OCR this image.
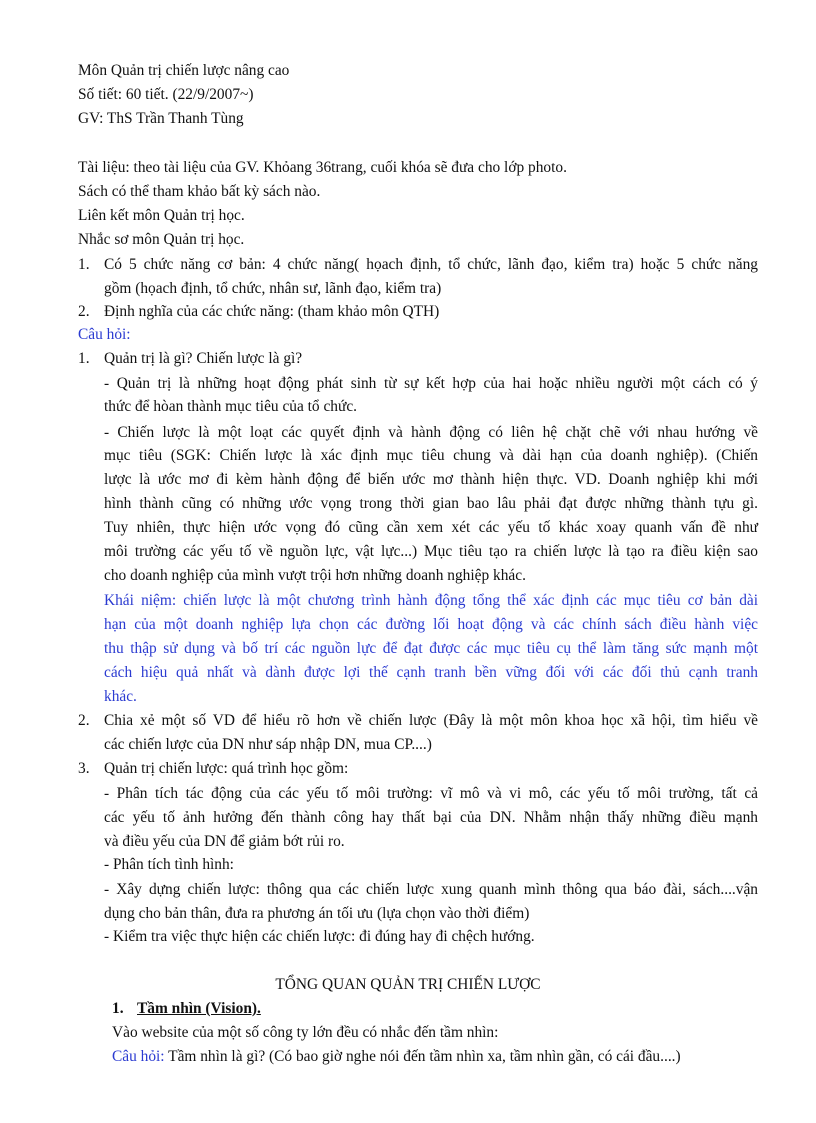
Môn Quản trị chiến lược nâng cao
Số tiết: 60 tiết. (22/9/2007~)
GV: ThS Trần Thanh Tùng
Tài liệu: theo tài liệu của GV. Khỏang 36trang, cuối khóa sẽ đưa cho lớp photo.
Sách có thể tham khảo bất kỳ sách nào.
Liên kết môn Quản trị học.
Nhắc sơ môn Quản trị học.
1. Có 5 chức năng cơ bản: 4 chức năng( họach định, tổ chức, lãnh đạo, kiểm tra) hoặc 5 chức năng
gồm (họach định, tổ chức, nhân sư, lãnh đạo, kiểm tra)
2. Định nghĩa của các chức năng: (tham khảo môn QTH)
Câu hỏi:
1. Quản trị là gì? Chiến lược là gì?
- Quản trị là những hoạt động phát sinh từ sự kết hợp của hai hoặc nhiều người một cách có ý
thức để hòan thành mục tiêu của tổ chức.
- Chiến lược là một loạt các quyết định và hành động có liên hệ chặt chẽ với nhau hướng về
mục tiêu (SGK: Chiến lược là xác định mục tiêu chung và dài hạn của doanh nghiệp). (Chiến
lược là ước mơ đi kèm hành động để biến ước mơ thành hiện thực. VD. Doanh nghiệp khi mới
hình thành cũng có những ước vọng trong thời gian bao lâu phải đạt được những thành tựu gì.
Tuy nhiên, thực hiện ước vọng đó cũng cần xem xét các yếu tố khác xoay quanh vấn đề như
môi trường các yếu tố về nguồn lực, vật lực...) Mục tiêu tạo ra chiến lược là tạo ra điều kiện sao
cho doanh nghiệp của mình vượt trội hơn những doanh nghiệp khác.
Khái niệm: chiến lược là một chương trình hành động tổng thể xác định các mục tiêu cơ bản dài
hạn của một doanh nghiệp lựa chọn các đường lối hoạt động và các chính sách điều hành việc
thu thập sử dụng và bố trí các nguồn lực để đạt được các mục tiêu cụ thể làm tăng sức mạnh một
cách hiệu quả nhất và dành được lợi thế cạnh tranh bền vững đối với các đối thủ cạnh tranh
khác.
2. Chia xẻ một số VD để hiểu rõ hơn về chiến lược (Đây là một môn khoa học xã hội, tìm hiểu về
các chiến lược của DN như sáp nhập DN, mua CP....)
3. Quản trị chiến lược: quá trình học gồm:
- Phân tích tác động của các yếu tố môi trường: vĩ mô và vi mô, các yếu tố môi trường, tất cả
các yếu tố ảnh hưởng đến thành công hay thất bại của DN. Nhằm nhận thấy những điều mạnh
và điều yếu của DN để giảm bớt rủi ro.
- Phân tích tình hình:
- Xây dựng chiến lược: thông qua các chiến lược xung quanh mình thông qua báo đài, sách....vận
dụng cho bản thân, đưa ra phương án tối ưu (lựa chọn vào thời điểm)
- Kiểm tra việc thực hiện các chiến lược: đi đúng hay đi chệch hướng.
TỔNG QUAN QUẢN TRỊ CHIẾN LƯỢC
1. Tầm nhìn (Vision).
Vào website của một số công ty lớn đều có nhắc đến tầm nhìn:
Câu hỏi: Tầm nhìn là gì? (Có bao giờ nghe nói đến tầm nhìn xa, tầm nhìn gần, có cái đầu....)
